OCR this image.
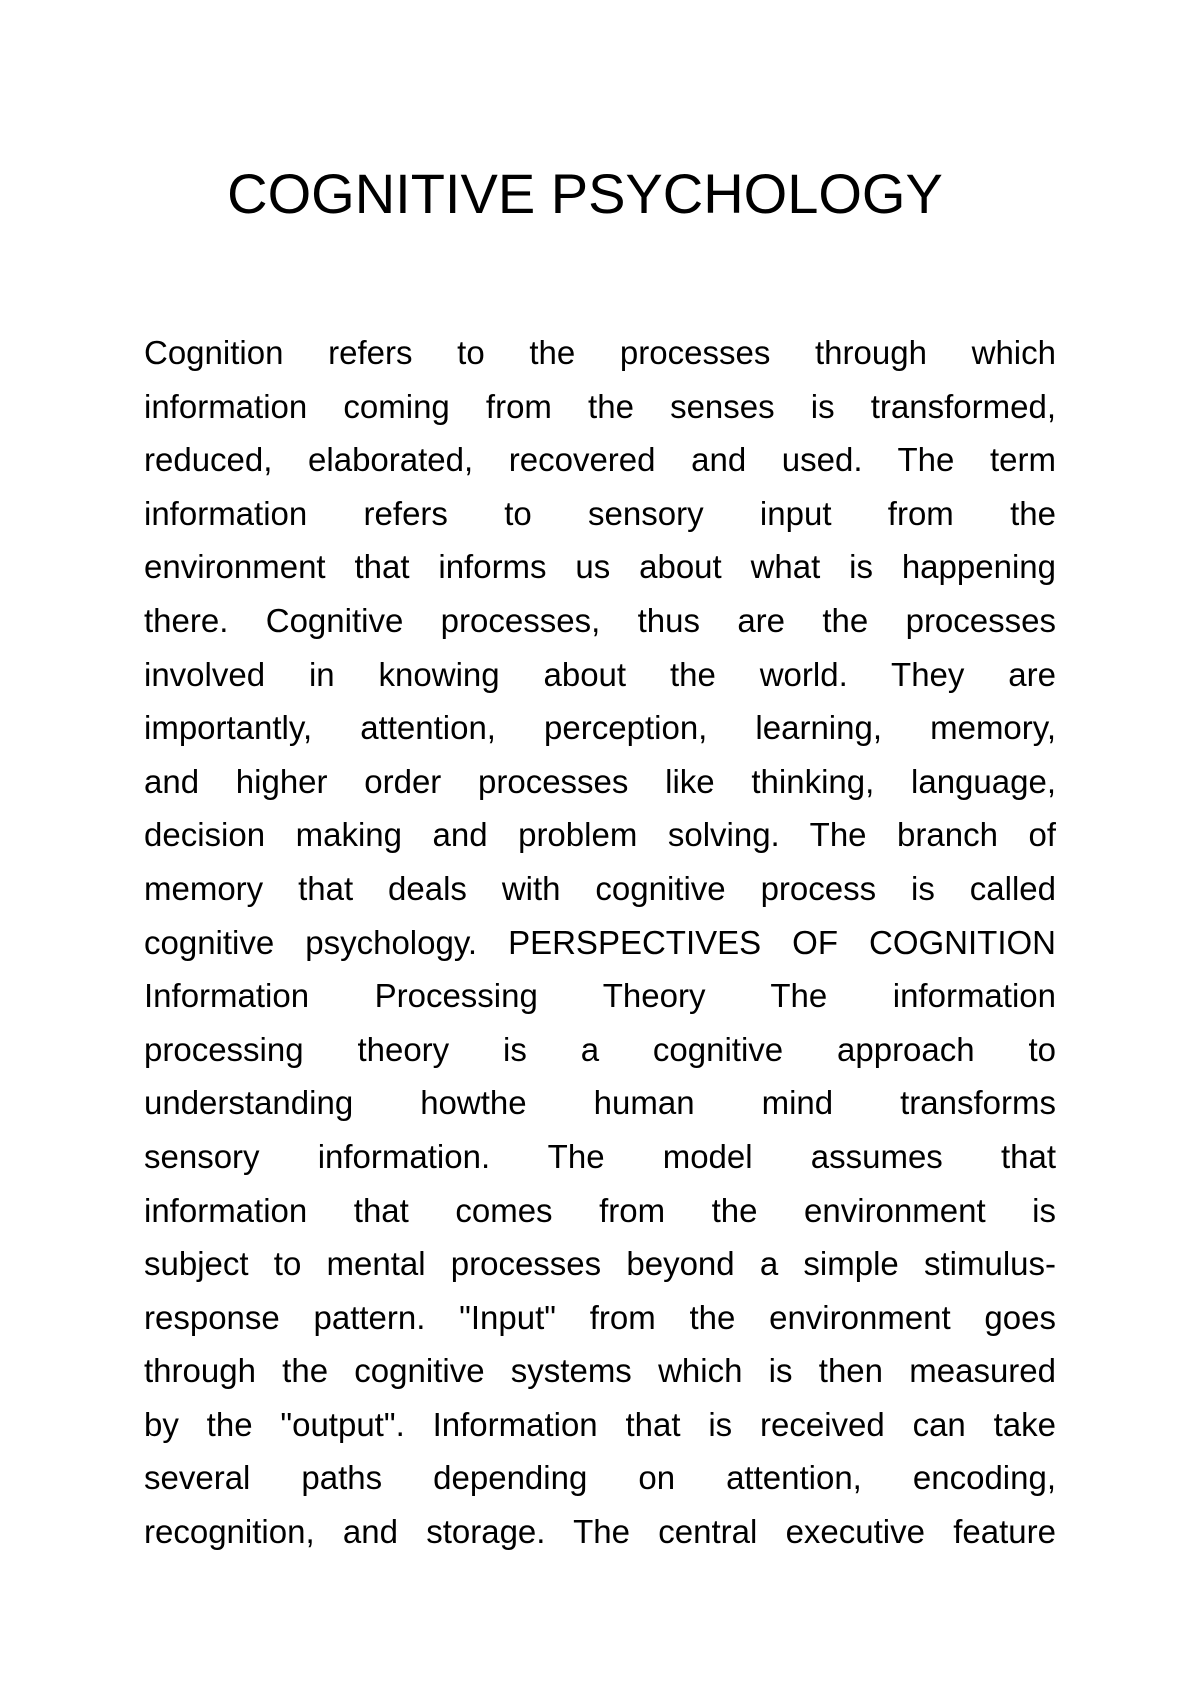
COGNITIVE PSYCHOLOGY
Cognition refers to the processes through which
information coming from the senses is transformed,
reduced, elaborated, recovered and used. The term
information refers to sensory input from the
environment that informs us about what is happening
there. Cognitive processes, thus are the processes
involved in knowing about the world. They are
importantly, attention, perception, learning, memory,
and higher order processes like thinking, language,
decision making and problem solving. The branch of
memory that deals with cognitive process is called
cognitive psychology. PERSPECTIVES OF COGNITION
Information Processing Theory The information
processing theory is a cognitive approach to
understanding howthe human mind transforms
sensory information. The model assumes that
information that comes from the environment is
subject to mental processes beyond a simple stimulus-
response pattern. "Input" from the environment goes
through the cognitive systems which is then measured
by the "output". Information that is received can take
several paths depending on attention, encoding,
recognition, and storage. The central executive feature
